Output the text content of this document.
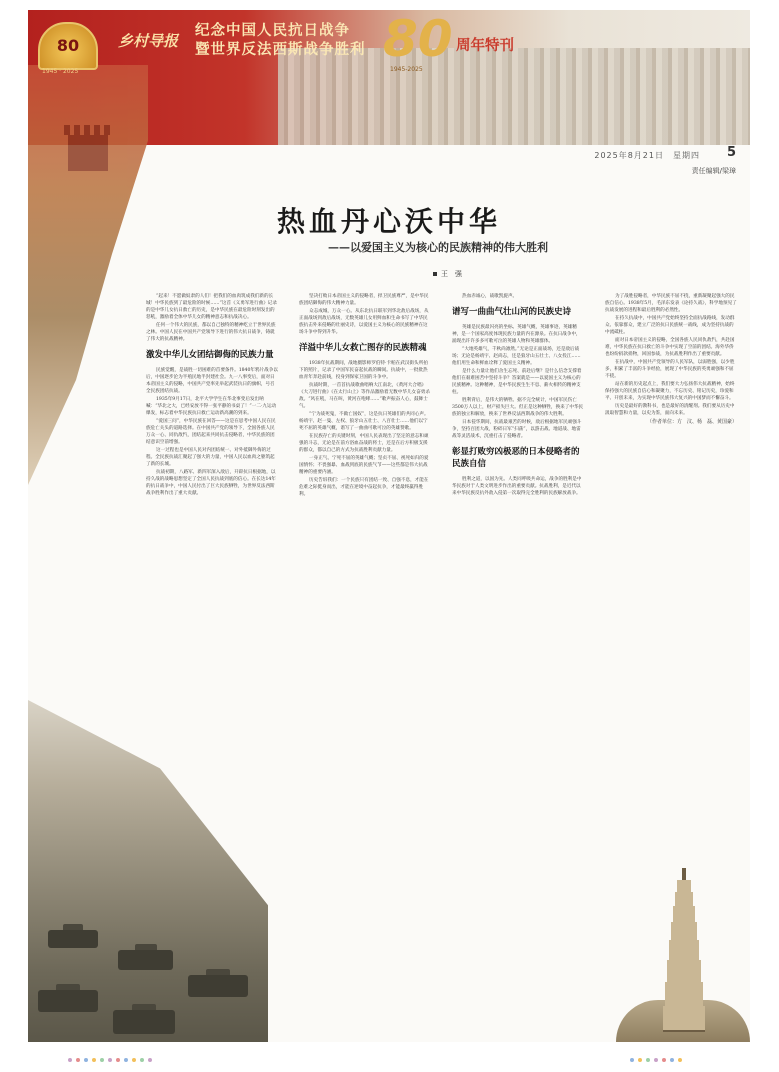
80
1945 · 2025
乡村导报
纪念中国人民抗日战争
暨世界反法西斯战争胜利 80
1945-2025
周年特刊
2025年8月21日　星期四 5
责任编辑/梁璋
热血丹心沃中华
——以爱国主义为核心的民族精神的伟大胜利
王　强

“起来！不愿做奴隶的人们！把我们的血肉筑成我们新的长城！中华民族到了最危险的时候……”这首《义勇军进行曲》记录的是中华儿女抗日救亡的历史，是中华民族在最危险时刻发出的怒吼，激励着全体中华儿女的精神意志和抗战决心。

任何一个伟大的民族，都以自己独特的精神屹立于世界民族之林。中国人民在中国共产党领导下进行的伟大抗日战争，铸就了伟大的抗战精神。

激发中华儿女团结御侮的民族力量

民族觉醒，是战胜一切困难的首要条件。1840年鸦片战争以后，中国逐步沦为半殖民地半封建社会。九一八事变后，面对日本帝国主义的侵略，中国共产党率先举起武装抗日的旗帜，号召全民族团结抗战。

1935年9月17日，北平大学学生在华北事变后发出呐喊：“华北之大，已经安放不得一张平静的书桌了！”一二·九运动爆发，标志着中华民族抗日救亡运动新高潮的到来。

“爱国三问”，中华民族在回答——这是在思考中国人民在民族危亡关头的道路选择。在中国共产党的领导下，全国各族人民万众一心、同仇敌忾，团结起来共同抗击侵略者，中华民族的团结意识空前增强。

这一过程也是中国人民对内团结统一、对外抵御外侮的过程。全民族抗战汇聚起了强大的力量，中国人民以血肉之躯筑起了新的长城。

抗战初期，八路军、新四军深入敌后，开辟抗日根据地，以持久战的战略思想坚定了全国人民抗战到底的信心。在长达14年的抗日战争中，中国人民付出了巨大民族牺牲，为世界反法西斯战争胜利作出了重大贡献。

坚决打败日本帝国主义的侵略者，捍卫民族尊严，是中华民族团结御侮的伟大精神力量。

众志成城，万众一心。从东北抗日联军到华北敌后战场，从正面战场到敌后战场，无数英雄儿女用鲜血和生命书写了中华民族抗击外来侵略的壮丽史诗，以爱国主义为核心的民族精神在这场斗争中得到升华。

洋溢中华儿女救亡图存的民族精魂

1938年抗战期间，战地摄影师罗伯特·卡帕在武汉街头所拍下的照片，记录了中国军民奋起抗战的瞬间。抗战中，一批批热血青年奔赴前线，投身到保家卫国的斗争中。

抗战时期，一首首抗战歌曲唱响大江南北，《黄河大合唱》《大刀进行曲》《在太行山上》等作品激励着无数中华儿女奋勇杀敌。“风在吼，马在叫，黄河在咆哮……”歌声振奋人心，鼓舞士气。

“宁为战死鬼，不做亡国奴”，这是抗日英雄们的共同心声。杨靖宇、赵一曼、左权、狼牙山五壮士、八百壮士……他们以宁死不屈的英雄气概，谱写了一曲曲可歌可泣的英雄赞歌。

在民族存亡的关键时刻，中国人民表现出了坚定的意志和顽强的斗志，无论是在前方浴血奋战的将士，还是在后方积极支援的群众，都以自己的方式为抗战胜利贡献力量。

一身正气、宁死不屈的英雄气概；坚贞不屈、视死如归的爱国情怀；不畏强暴、血战到底的民族气节——这些都是伟大抗战精神的重要内涵。

历史告诉我们：一个民族只有团结一致、自强不息，才能在危难之际挺身而出，才能在逆境中奋起抗争，才能最终赢得胜利。

热血赤诚心，战歌凯旋声。

谱写一曲曲气壮山河的民族史诗

英雄是民族最闪亮的坐标。英雄气概，英雄事迹，英雄精神，是一个国家高度体现民族力量的内在源泉。在抗日战争中，涌现出许许多多可歌可泣的英雄人物和英雄群体。

“大地英雄气，千秋尚凛然。”无论是正面战场，还是敌后战场；无论是杨靖宇、赵尚志，还是狼牙山五壮士、八女投江……他们用生命和鲜血诠释了爱国主义精神。

是什么力量让他们舍生忘死、前赴后继？是什么信念支撑着他们在艰难困苦中坚持斗争？答案就是——以爱国主义为核心的民族精神。这种精神，是中华民族生生不息、薪火相传的精神支柱。

胜利背后，是伟大的牺牲。据不完全统计，中国军民伤亡3500万人以上，财产损失巨大。但正是这种牺牲，换来了中华民族的独立和解放，换来了世界反法西斯战争的伟大胜利。

日本侵华期间，抗战最艰苦的时候，敌后根据地军民顽强斗争，坚持百团大战，粉碎日军“扫荡”，以游击战、地道战、地雷战等灵活战术，沉重打击了侵略者。

彰显打败穷凶极恶的日本侵略者的民族自信

胜利之道，以国为先。人类同呼吸共命运，战争的胜利是中华民族对于人类文明进步作出的重要贡献。抗战胜利，是近代以来中华民族反抗外敌入侵第一次取得完全胜利的民族解放战争。

为了战胜侵略者，中华民族不屈不挠，重新凝聚起强大的民族自信心。1938年5月，毛泽东发表《论持久战》，科学地预见了抗战发展的进程和最后胜利的必然性。

在持久抗战中，中国共产党始终坚持全面抗战路线，发动群众、依靠群众，建立广泛的抗日民族统一战线，成为坚持抗战的中流砥柱。

面对日本帝国主义的侵略，全国各族人民同仇敌忾，共赴国难，中华民族在抗日救亡的斗争中实现了空前的团结。海外华侨也纷纷捐款捐物，回国参战，为抗战胜利作出了重要贡献。

在抗战中，中国共产党领导的人民军队，以弱胜强，以少胜多，积累了丰富的斗争经验，展现了中华民族的英勇顽强和不屈不挠。

站在新的历史起点上，我们要大力弘扬伟大抗战精神，始终保持强大的民族自信心和凝聚力，不忘历史、铭记历史，珍爱和平、开创未来，为实现中华民族伟大复兴的中国梦而不懈奋斗。

历史是最好的教科书，也是最好的清醒剂。我们要从历史中汲取智慧和力量，以史为鉴，面向未来。

（作者单位：方　汶、杨　磊、黄国豪）
